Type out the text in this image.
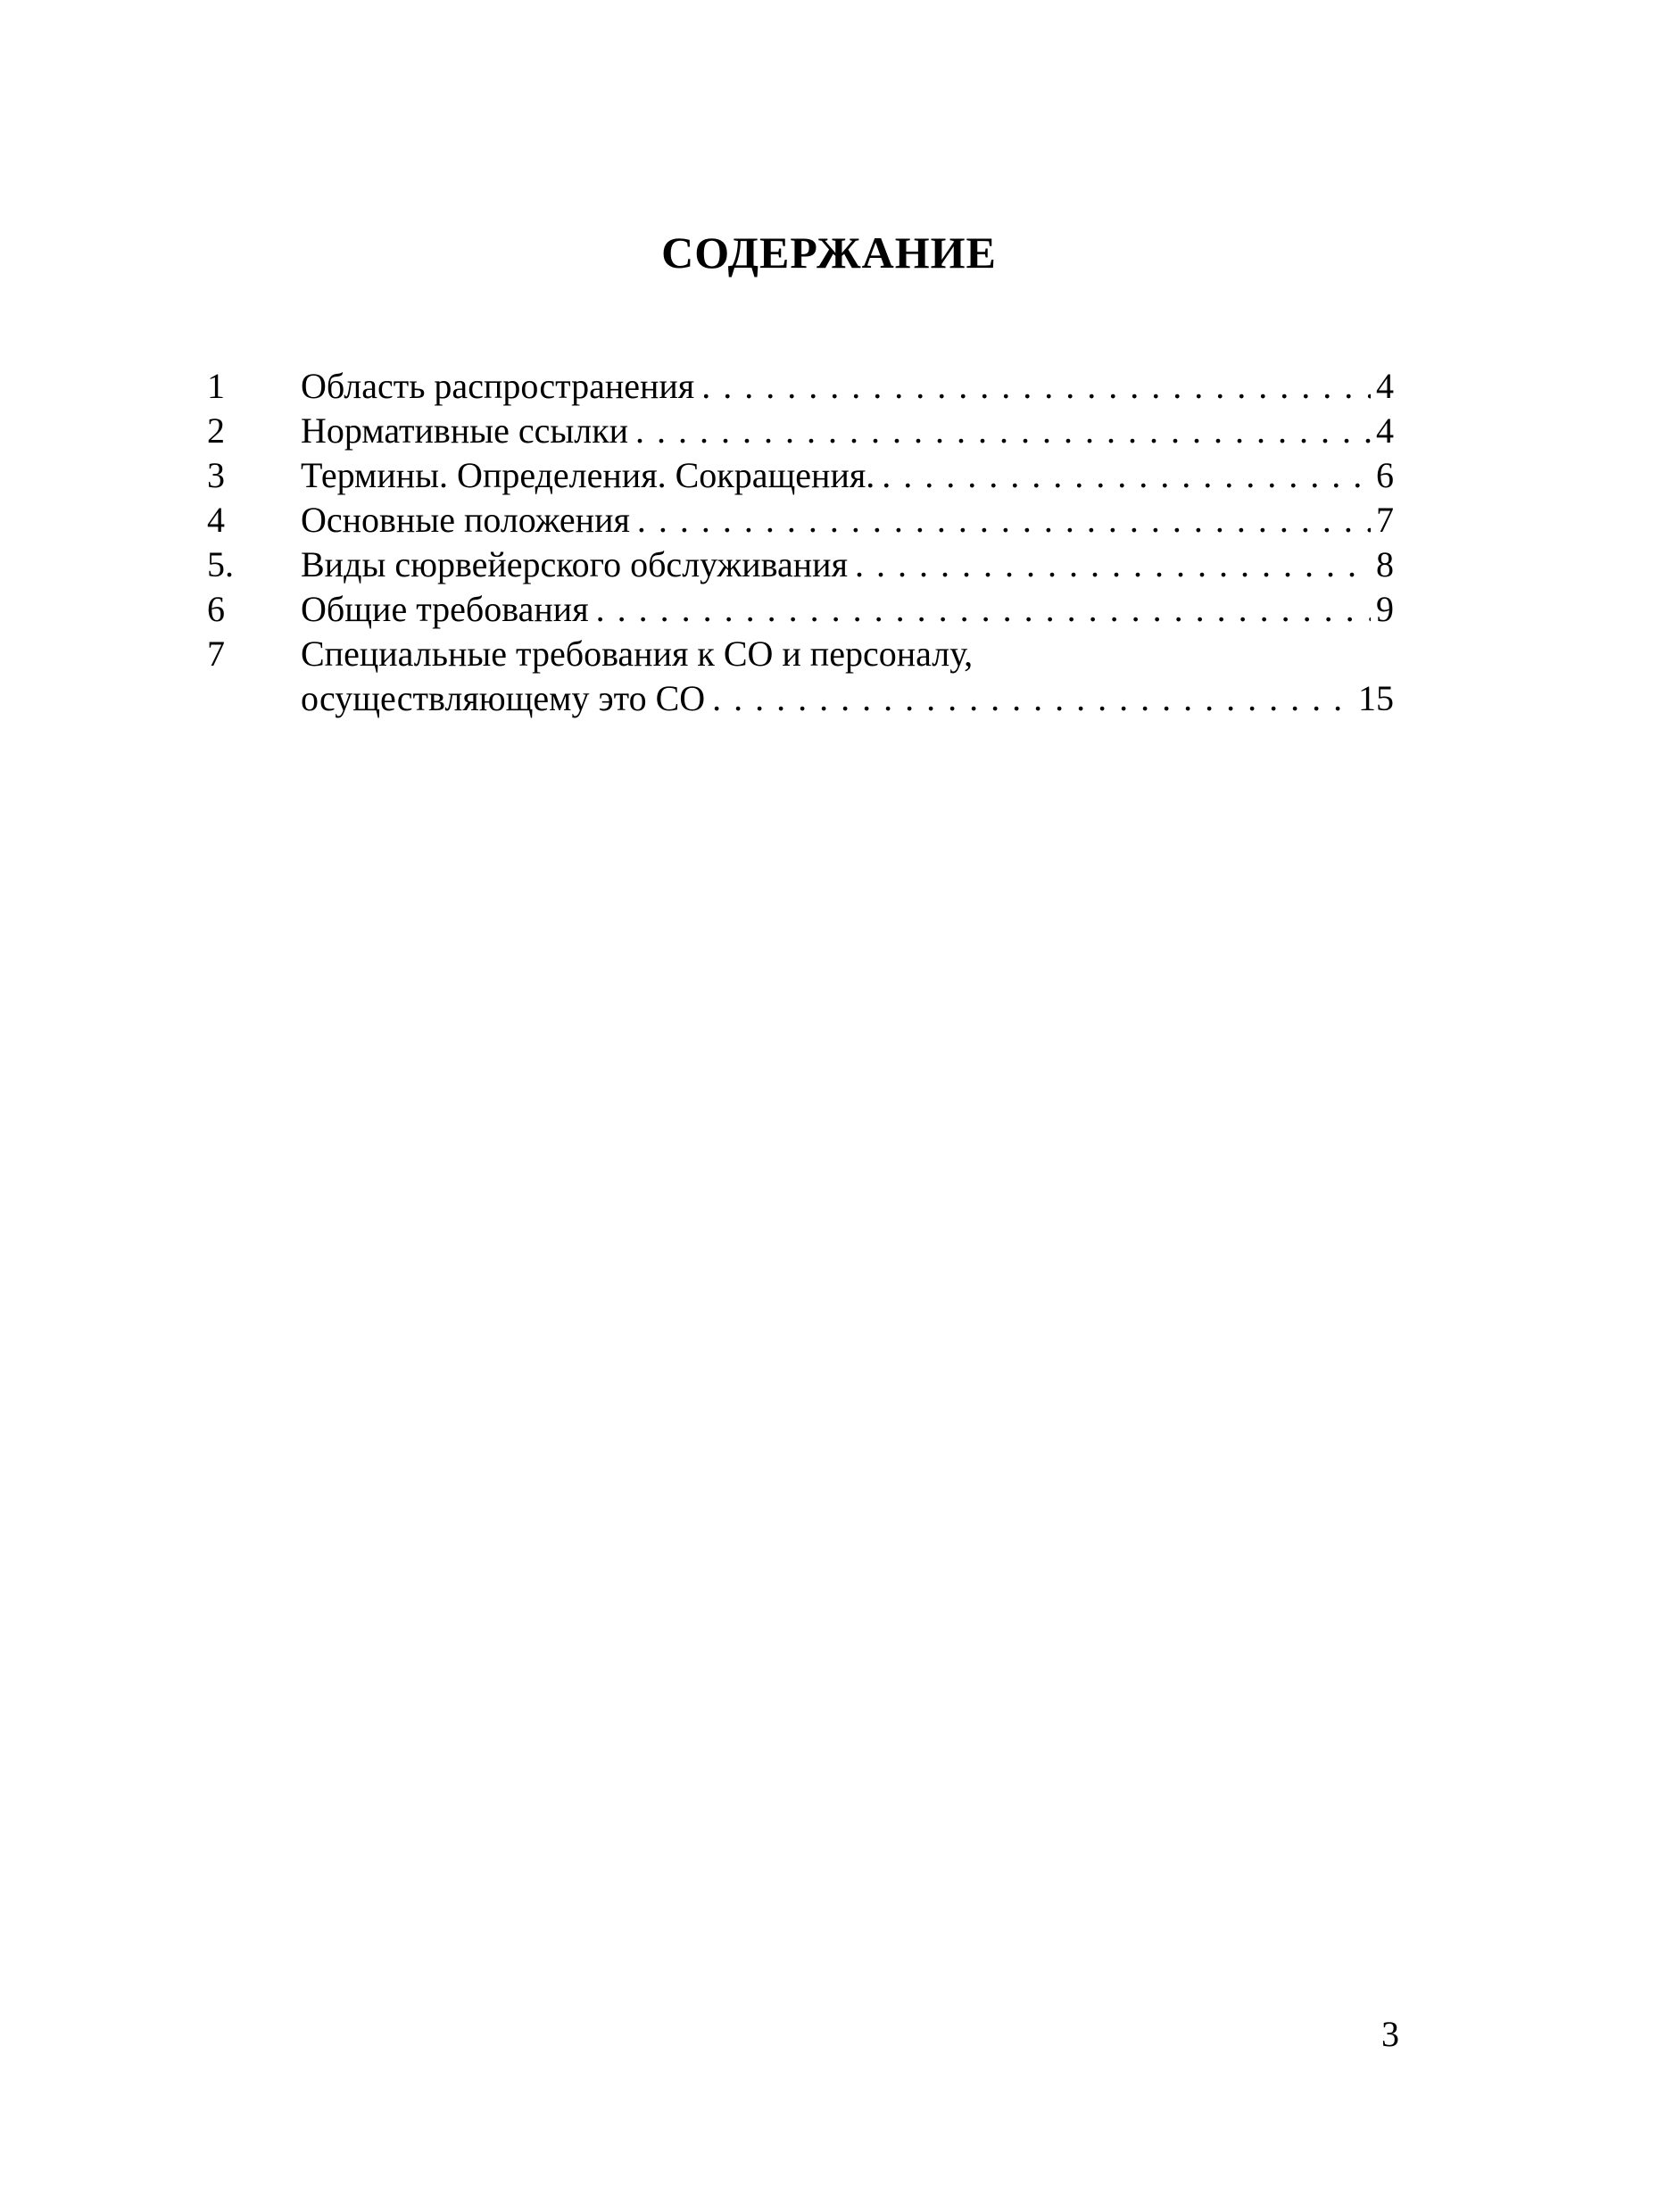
СОДЕРЖАНИЕ
1	Область распространения . . .	4
2	Нормативные ссылки . . .	4
3	Термины. Определения. Сокращения. . . .	6
4	Основные положения . . .	7
5.	Виды сюрвейерского обслуживания . . .	8
6	Общие требования . . .	9
7	Специальные требования к СО и персоналу,
осуществляющему это СО . . .	15
3
